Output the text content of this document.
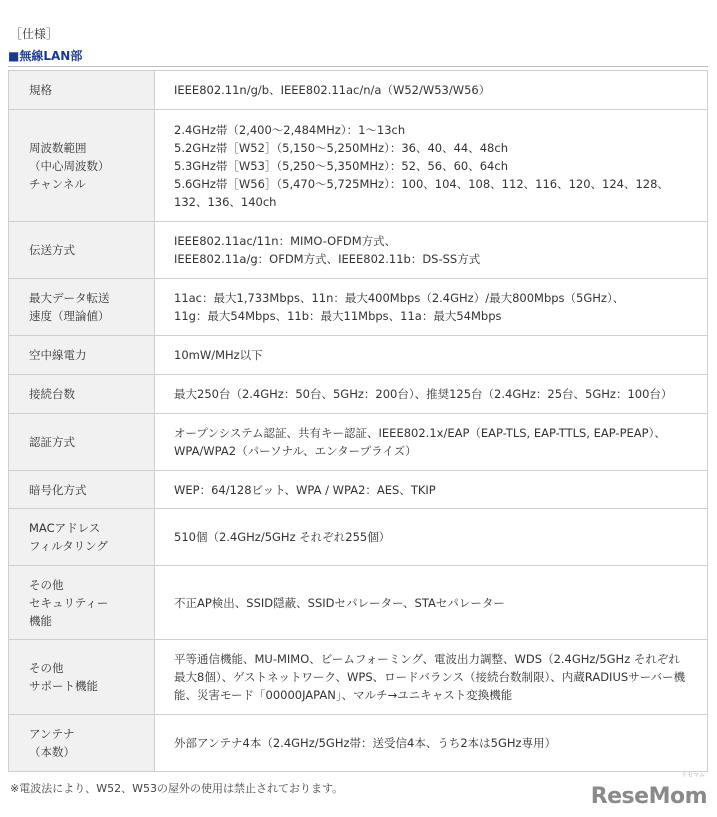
［仕様］
■無線LAN部
規格	IEEE802.11n/g/b、IEEE802.11ac/n/a（W52/W53/W56）
周波数範囲
（中心周波数）
チャンネル	2.4GHz帯（2,400〜2,484MHz）：1〜13ch
5.2GHz帯［W52］（5,150〜5,250MHz）：36、40、44、48ch
5.3GHz帯［W53］（5,250〜5,350MHz）：52、56、60、64ch
5.6GHz帯［W56］（5,470〜5,725MHz）：100、104、108、112、116、120、124、128、
132、136、140ch
伝送方式	IEEE802.11ac/11n：MIMO-OFDM方式、
IEEE802.11a/g：OFDM方式、IEEE802.11b：DS-SS方式
最大データ転送
速度（理論値）	11ac：最大1,733Mbps、11n：最大400Mbps（2.4GHz）/最大800Mbps（5GHz）、
11g：最大54Mbps、11b：最大11Mbps、11a：最大54Mbps
空中線電力	10mW/MHz以下
接続台数	最大250台（2.4GHz：50台、5GHz：200台）、推奨125台（2.4GHz：25台、5GHz：100台）
認証方式	オープンシステム認証、共有キー認証、IEEE802.1x/EAP（EAP-TLS, EAP-TTLS, EAP-PEAP）、
WPA/WPA2（パーソナル、エンタープライズ）
暗号化方式	WEP：64/128ビット、WPA / WPA2：AES、TKIP
MACアドレス
フィルタリング	510個（2.4GHz/5GHz それぞれ255個）
その他
セキュリティー
機能	不正AP検出、SSID隠蔽、SSIDセパレーター、STAセパレーター
その他
サポート機能	平等通信機能、MU-MIMO、ビームフォーミング、電波出力調整、WDS（2.4GHz/5GHz それぞれ
最大8個）、ゲストネットワーク、WPS、ロードバランス（接続台数制限）、内蔵RADIUSサーバー機能、災害モード「00000JAPAN」、マルチ→ユニキャスト変換機能
アンテナ
（本数）	外部アンテナ4本（2.4GHz/5GHz帯：送受信4本、うち2本は5GHz専用）
※電波法により、W52、W53の屋外の使用は禁止されております。
リセマム
ReseMom
